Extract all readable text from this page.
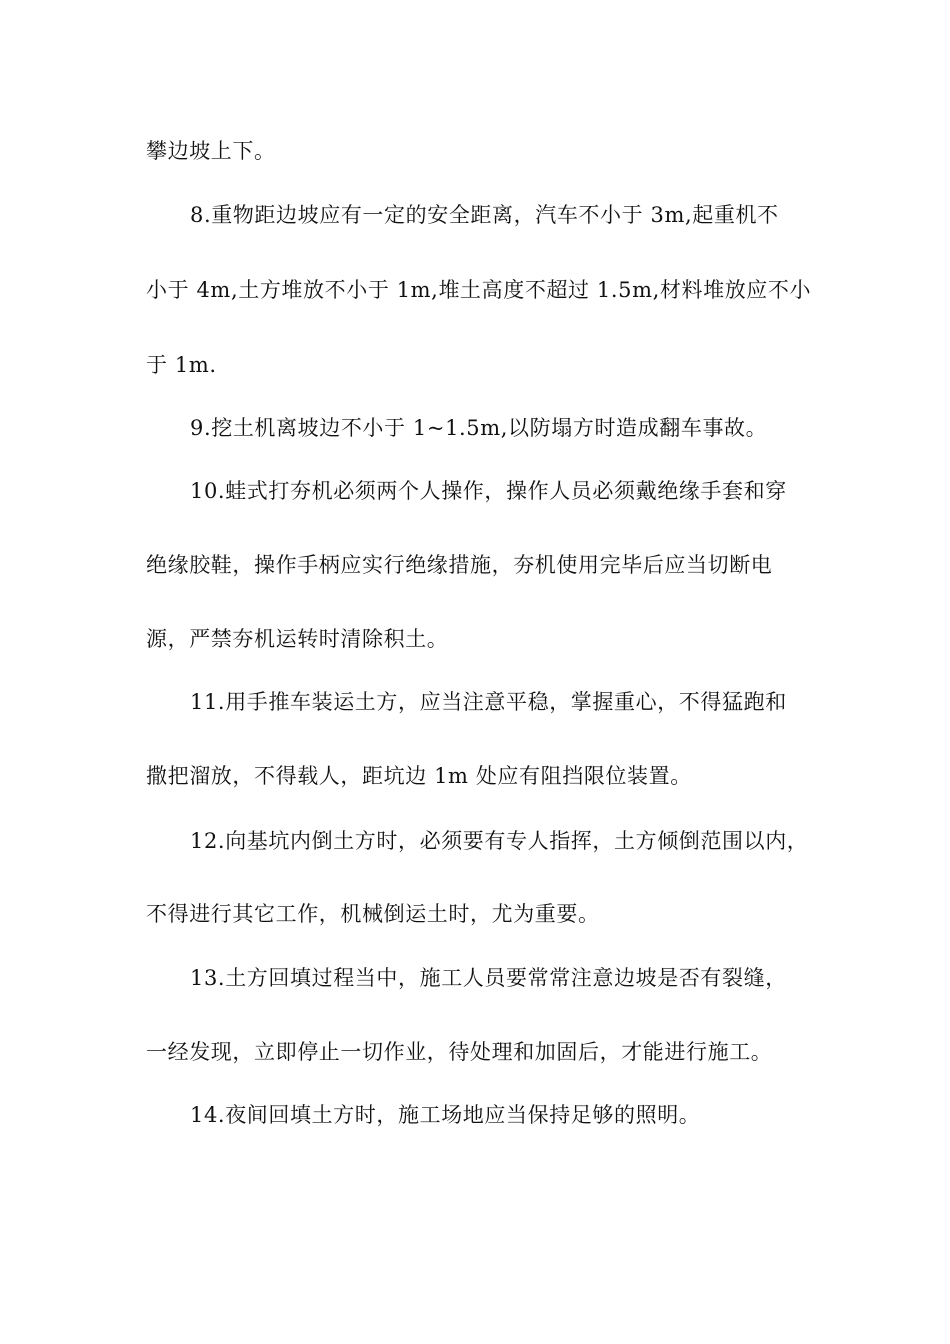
攀边坡上下。
8.重物距边坡应有一定的安全距离，汽车不小于 3m,起重机不
小于 4m,土方堆放不小于 1m,堆土高度不超过 1.5m,材料堆放应不小
于 1m.
9.挖土机离坡边不小于 1~1.5m,以防塌方时造成翻车事故。
10.蛙式打夯机必须两个人操作，操作人员必须戴绝缘手套和穿
绝缘胶鞋，操作手柄应实行绝缘措施，夯机使用完毕后应当切断电
源，严禁夯机运转时清除积土。
11.用手推车装运土方，应当注意平稳，掌握重心，不得猛跑和
撒把溜放，不得载人，距坑边 1m 处应有阻挡限位装置。
12.向基坑内倒土方时，必须要有专人指挥，土方倾倒范围以内，
不得进行其它工作，机械倒运土时，尤为重要。
13.土方回填过程当中，施工人员要常常注意边坡是否有裂缝，
一经发现，立即停止一切作业，待处理和加固后，才能进行施工。
14.夜间回填土方时，施工场地应当保持足够的照明。
